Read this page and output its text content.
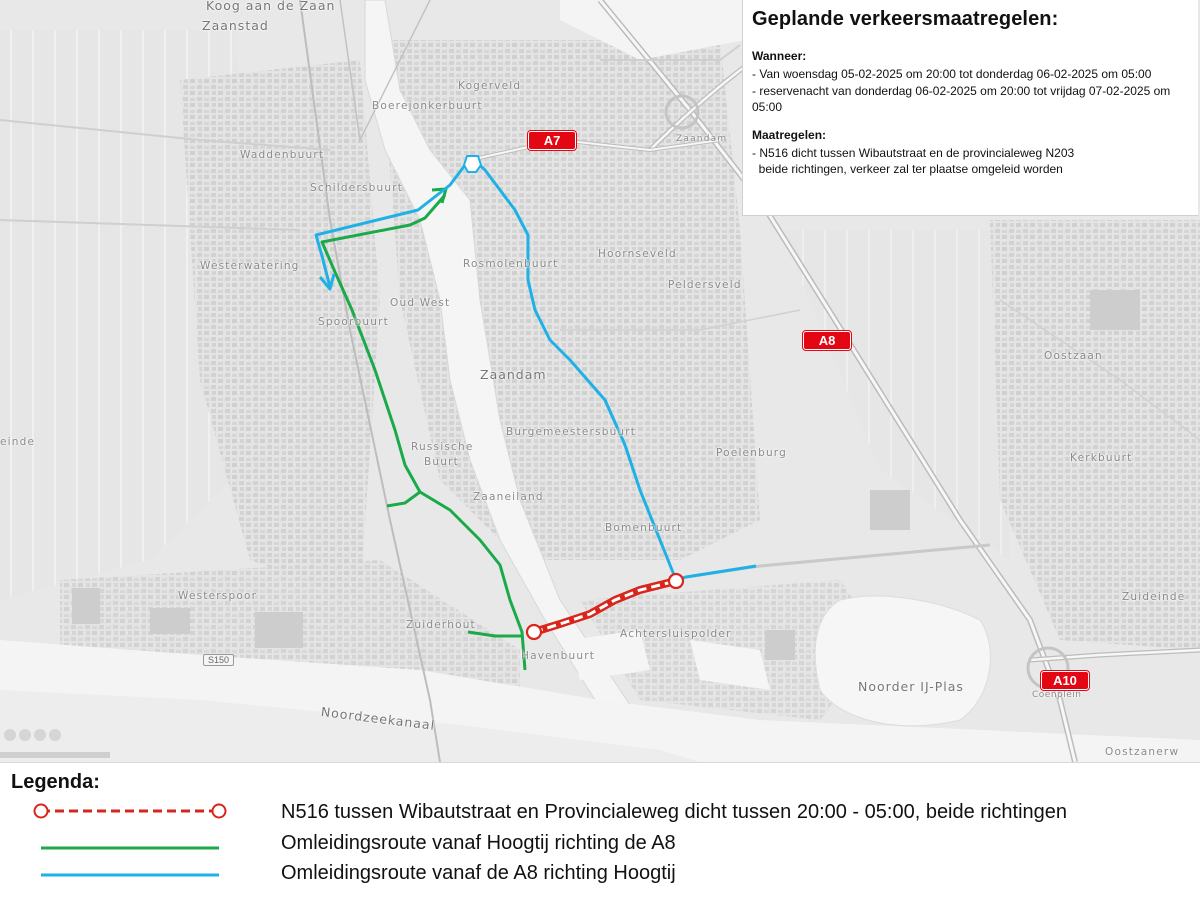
Koog aan de Zaan
Zaanstad
Kogerveld
Boerejonkerbuurt
Waddenbuurt
Schildersbuurt
Zaandam
Westerwatering	Rosmolenbuurt
Hoornseveld
Peldersveld
Oud West
Spoorbuurt
Zaandam
Oostzaan
Burgemeestersbuurt
Russische
Buurt
Poelenburg	Kerkbuurt
Zaaneiland
Bomenbuurt
Westerspoor
Zuiderhout
Havenbuurt
Achtersluispolder
Zuideinde
Noordzeekanaal
Noorder IJ-Plas
Coenplein
Oostzanerw
einde
A7
A8
A10
S150
Geplande verkeersmaatregelen:

Wanneer:

- Van woensdag 05-02-2025 om 20:00 tot donderdag 06-02-2025 om 05:00

- reservenacht van donderdag 06-02-2025 om 20:00 tot vrijdag 07-02-2025 om

05:00

Maatregelen:

- N516 dicht tussen Wibautstraat en de provincialeweg N203

beide richtingen, verkeer zal ter plaatse omgeleid worden

Legenda:
N516 tussen Wibautstraat en Provincialeweg dicht tussen 20:00 - 05:00, beide richtingen
Omleidingsroute vanaf Hoogtij richting de A8
Omleidingsroute vanaf de A8 richting Hoogtij
